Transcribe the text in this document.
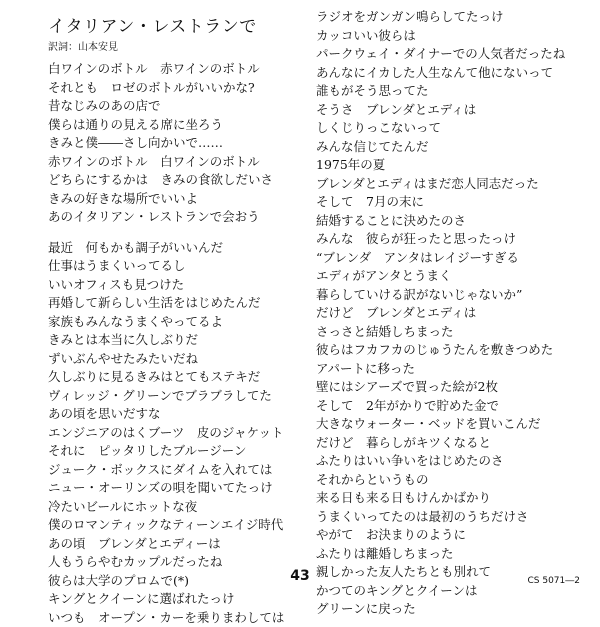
イタリアン・レストランで
訳詞：山本安見
白ワインのボトル　赤ワインのボトル
それとも　ロゼのボトルがいいかな?
昔なじみのあの店で
僕らは通りの見える席に坐ろう
きみと僕――さし向かいで……
赤ワインのボトル　白ワインのボトル
どちらにするかは　きみの食欲しだいさ
きみの好きな場所でいいよ
あのイタリアン・レストランで会おう
最近　何もかも調子がいいんだ
仕事はうまくいってるし
いいオフィスも見つけた
再婚して新らしい生活をはじめたんだ
家族もみんなうまくやってるよ
きみとは本当に久しぶりだ
ずいぶんやせたみたいだね
久しぶりに見るきみはとてもステキだ
ヴィレッジ・グリーンでブラブラしてた
あの頃を思いだすな
エンジニアのはくブーツ　皮のジャケット
それに　ピッタリしたブルージーン
ジューク・ボックスにダイムを入れては
ニュー・オーリンズの唄を聞いてたっけ
冷たいビールにホットな夜
僕のロマンティックなティーンエイジ時代
あの頃　ブレンダとエディーは
人もうらやむカップルだったね
彼らは大学のプロムで(*)
キングとクイーンに選ばれたっけ
いつも　オープン・カーを乗りまわしては
ラジオをガンガン鳴らしてたっけ
カッコいい彼らは
パークウェイ・ダイナーでの人気者だったね
あんなにイカした人生なんて他にないって
誰もがそう思ってた
そうさ　ブレンダとエディは
しくじりっこないって
みんな信じてたんだ
1975年の夏
ブレンダとエディはまだ恋人同志だった
そして　7月の末に
結婚することに決めたのさ
みんな　彼らが狂ったと思ったっけ
“ブレンダ　アンタはレイジーすぎる
エディがアンタとうまく
暮らしていける訳がないじゃないか”
だけど　ブレンダとエディは
さっさと結婚しちまった
彼らはフカフカのじゅうたんを敷きつめた
アパートに移った
壁にはシアーズで買った絵が2枚
そして　2年がかりで貯めた金で
大きなウォーター・ベッドを買いこんだ
だけど　暮らしがキツくなると
ふたりはいい争いをはじめたのさ
それからというもの
来る日も来る日もけんかばかり
うまくいってたのは最初のうちだけさ
やがて　お決まりのように
ふたりは離婚しちまった
親しかった友人たちとも別れて
かつてのキングとクイーンは
グリーンに戻った
43	CS 5071―2
